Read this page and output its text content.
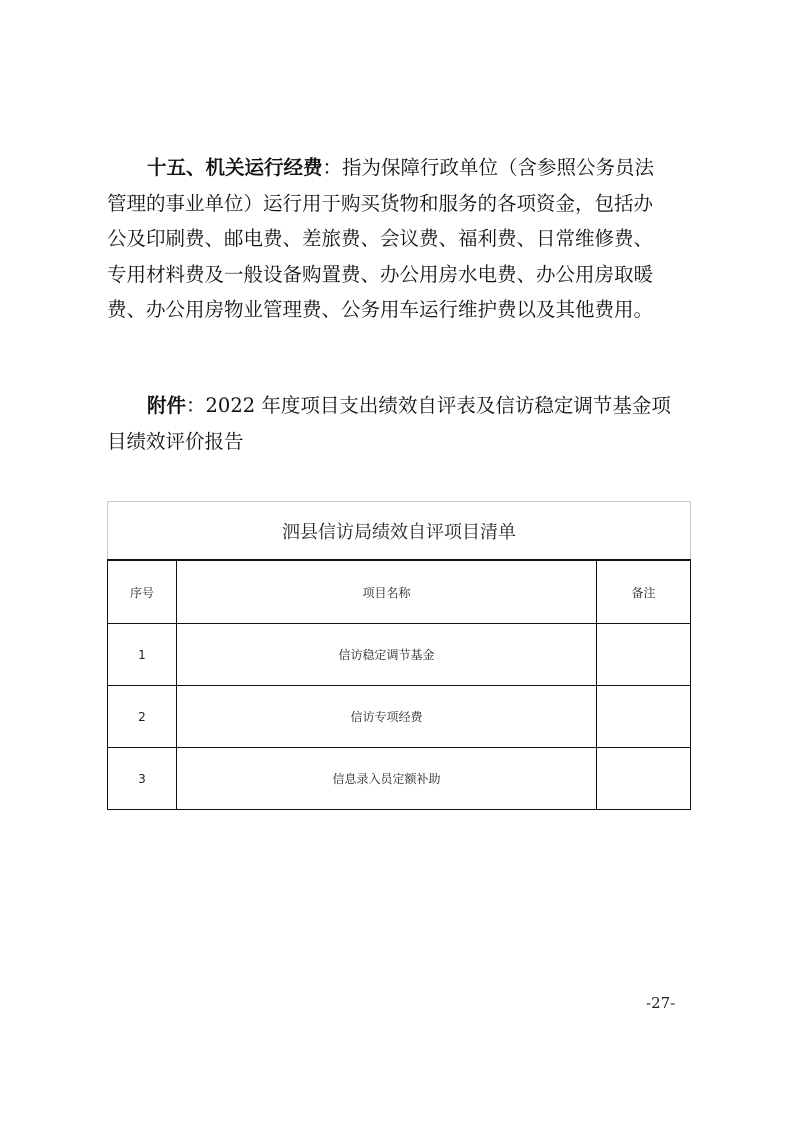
十五、机关运行经费：指为保障行政单位（含参照公务员法
管理的事业单位）运行用于购买货物和服务的各项资金，包括办
公及印刷费、邮电费、差旅费、会议费、福利费、日常维修费、
专用材料费及一般设备购置费、办公用房水电费、办公用房取暖
费、办公用房物业管理费、公务用车运行维护费以及其他费用。
附件：2022 年度项目支出绩效自评表及信访稳定调节基金项
目绩效评价报告
泗县信访局绩效自评项目清单		
序号	项目名称	备注
1	信访稳定调节基金	
2	信访专项经费	
3	信息录入员定额补助	
-27-
